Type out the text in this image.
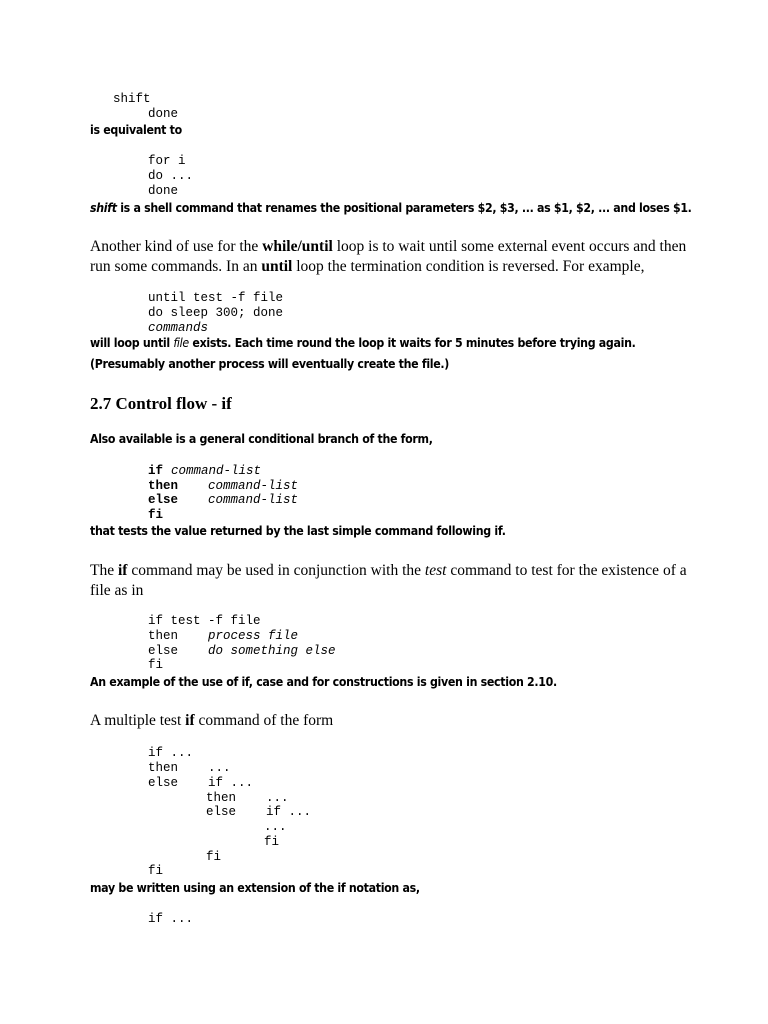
shift
done
is equivalent to
for i
do ...
done
shift is a shell command that renames the positional parameters $2, $3, ... as $1, $2, ... and loses $1.
Another kind of use for the while/until loop is to wait until some external event occurs and then run some commands. In an until loop the termination condition is reversed. For example,
until test -f file
do sleep 300; done
commands
will loop until file exists. Each time round the loop it waits for 5 minutes before trying again.
(Presumably another process will eventually create the file.)
2.7 Control flow - if
Also available is a general conditional branch of the form,
if command-list
then command-list
else command-list
fi
that tests the value returned by the last simple command following if.
The if command may be used in conjunction with the test command to test for the existence of a file as in
if test -f file
then process file
else do something else
fi
An example of the use of if, case and for constructions is given in section 2.10.
A multiple test if command of the form
if ...
then    ...
else    if ...
then    ...
else    if ...
...
fi
fi
fi
may be written using an extension of the if notation as,
if ...
